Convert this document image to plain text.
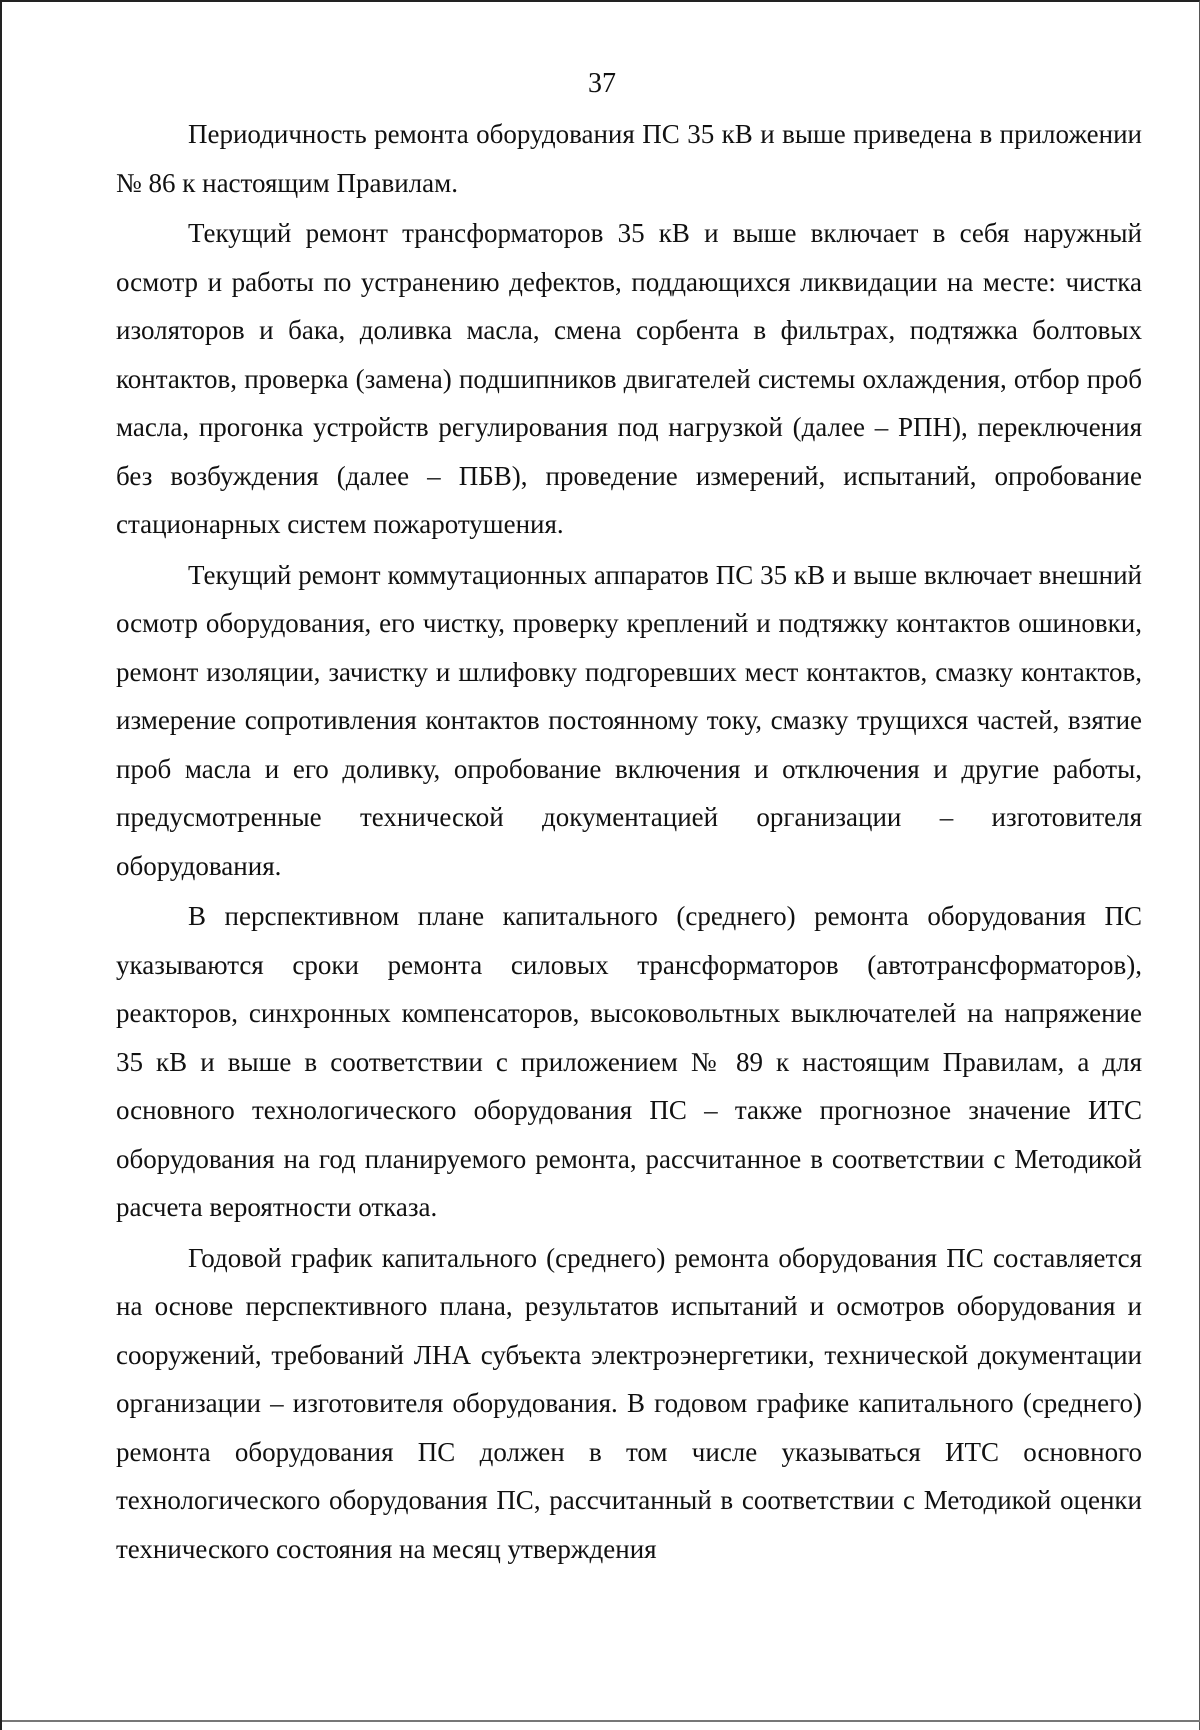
37

Периодичность ремонта оборудования ПС 35 кВ и выше приведена в приложении № 86 к настоящим Правилам.

Текущий ремонт трансформаторов 35 кВ и выше включает в себя наружный осмотр и работы по устранению дефектов, поддающихся ликвидации на месте: чистка изоляторов и бака, доливка масла, смена сорбента в фильтрах, подтяжка болтовых контактов, проверка (замена) подшипников двигателей системы охлаждения, отбор проб масла, прогонка устройств регулирования под нагрузкой (далее – РПН), переключения без возбуждения (далее – ПБВ), проведение измерений, испытаний, опробование стационарных систем пожаротушения.

Текущий ремонт коммутационных аппаратов ПС 35 кВ и выше включает внешний осмотр оборудования, его чистку, проверку креплений и подтяжку контактов ошиновки, ремонт изоляции, зачистку и шлифовку подгоревших мест контактов, смазку контактов, измерение сопротивления контактов постоянному току, смазку трущихся частей, взятие проб масла и его доливку, опробование включения и отключения и другие работы, предусмотренные технической документацией организации – изготовителя оборудования.

В перспективном плане капитального (среднего) ремонта оборудования ПС указываются сроки ремонта силовых трансформаторов (автотрансформаторов), реакторов, синхронных компенсаторов, высоковольтных выключателей на напряжение 35 кВ и выше в соответствии с приложением № 89 к настоящим Правилам, а для основного технологического оборудования ПС – также прогнозное значение ИТС оборудования на год планируемого ремонта, рассчитанное в соответствии с Методикой расчета вероятности отказа.

Годовой график капитального (среднего) ремонта оборудования ПС составляется на основе перспективного плана, результатов испытаний и осмотров оборудования и сооружений, требований ЛНА субъекта электроэнергетики, технической документации организации – изготовителя оборудования. В годовом графике капитального (среднего) ремонта оборудования ПС должен в том числе указываться ИТС основного технологического оборудования ПС, рассчитанный в соответствии с Методикой оценки технического состояния на месяц утверждения
